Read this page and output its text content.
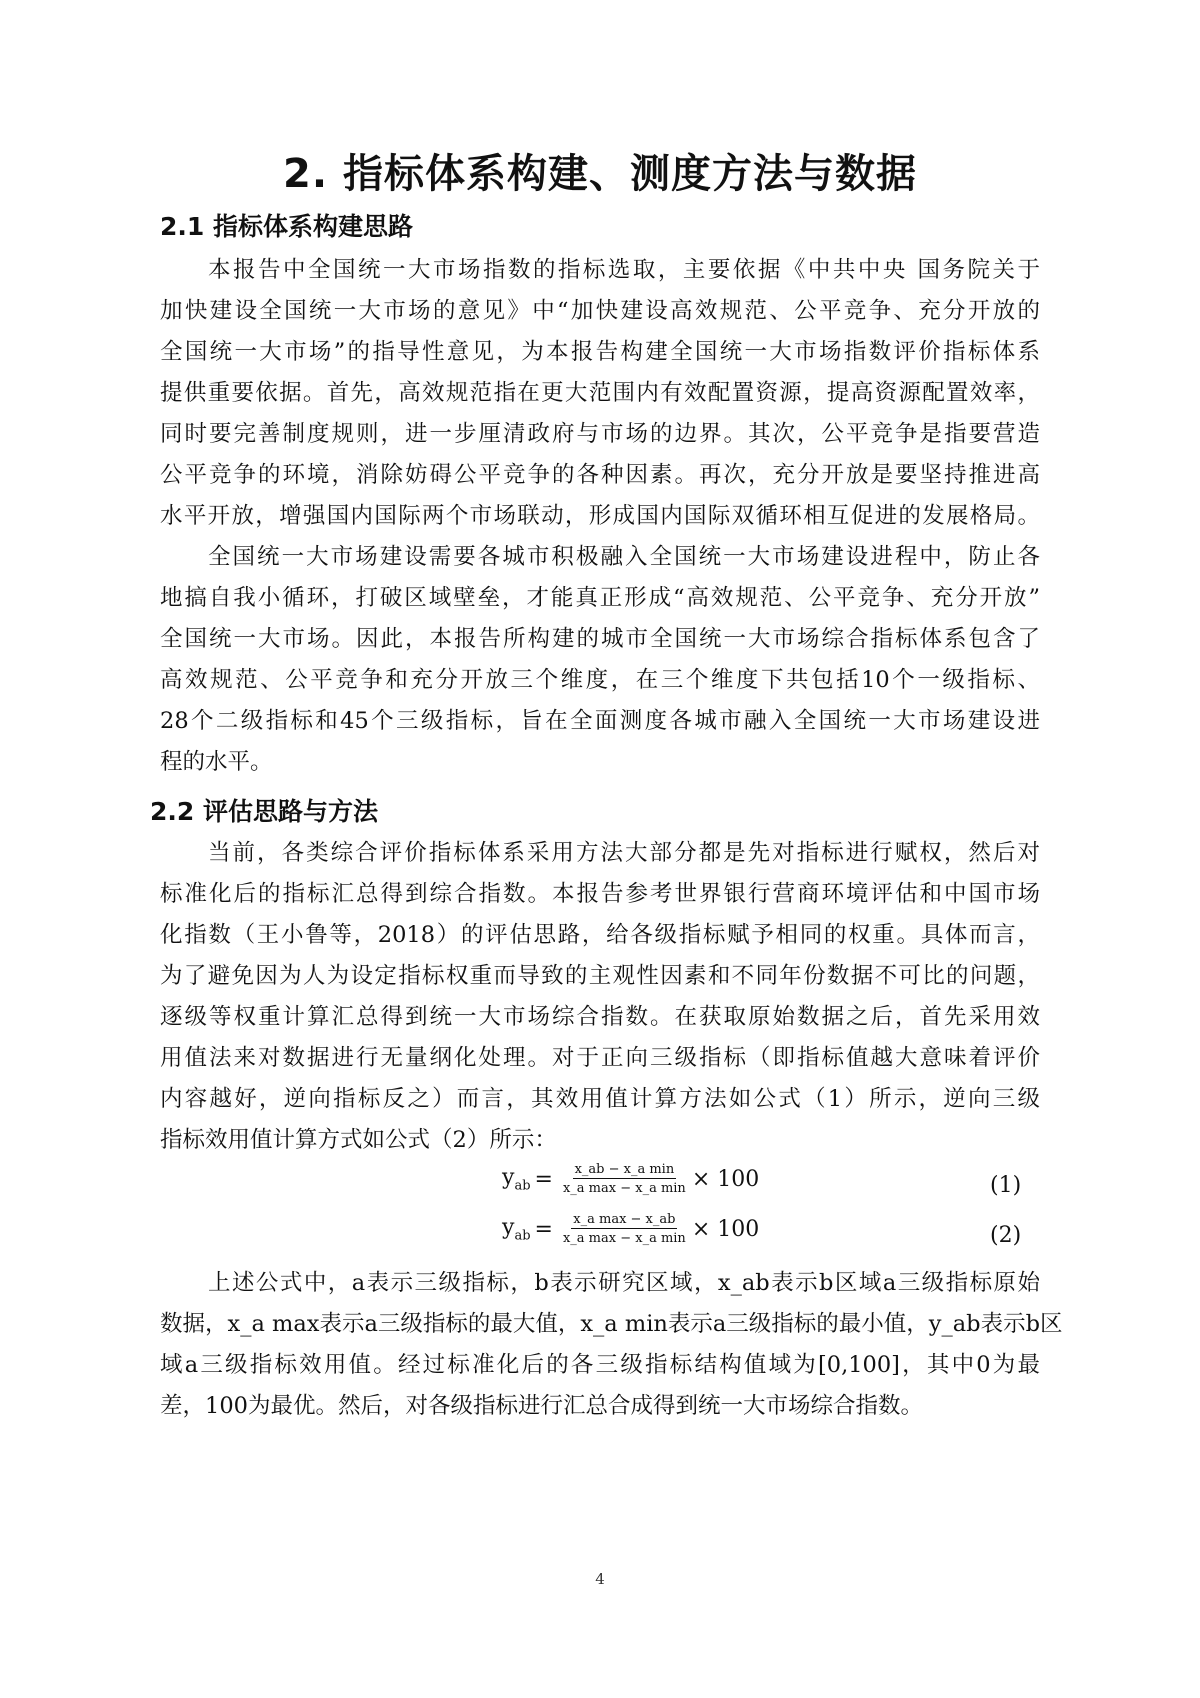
2. 指标体系构建、测度方法与数据
2.1 指标体系构建思路
本报告中全国统一大市场指数的指标选取，主要依据《中共中央 国务院关于
加快建设全国统一大市场的意见》中“加快建设高效规范、公平竞争、充分开放的
全国统一大市场”的指导性意见，为本报告构建全国统一大市场指数评价指标体系
提供重要依据。首先，高效规范指在更大范围内有效配置资源，提高资源配置效率，
同时要完善制度规则，进一步厘清政府与市场的边界。其次，公平竞争是指要营造
公平竞争的环境，消除妨碍公平竞争的各种因素。再次，充分开放是要坚持推进高
水平开放，增强国内国际两个市场联动，形成国内国际双循环相互促进的发展格局。
全国统一大市场建设需要各城市积极融入全国统一大市场建设进程中，防止各
地搞自我小循环，打破区域壁垒，才能真正形成“高效规范、公平竞争、充分开放”
全国统一大市场。因此，本报告所构建的城市全国统一大市场综合指标体系包含了
高效规范、公平竞争和充分开放三个维度，在三个维度下共包括10个一级指标、
28个二级指标和45个三级指标，旨在全面测度各城市融入全国统一大市场建设进
程的水平。
2.2 评估思路与方法
当前，各类综合评价指标体系采用方法大部分都是先对指标进行赋权，然后对
标准化后的指标汇总得到综合指数。本报告参考世界银行营商环境评估和中国市场
化指数（王小鲁等，2018）的评估思路，给各级指标赋予相同的权重。具体而言，
为了避免因为人为设定指标权重而导致的主观性因素和不同年份数据不可比的问题，
逐级等权重计算汇总得到统一大市场综合指数。在获取原始数据之后，首先采用效
用值法来对数据进行无量纲化处理。对于正向三级指标（即指标值越大意味着评价
内容越好，逆向指标反之）而言，其效用值计算方法如公式（1）所示，逆向三级
指标效用值计算方式如公式（2）所示：
$y_{ab} = \frac{\text{x\_ab − x\_a min}}{\text{x\_a max − x\_a min}} \times 100$	(1)
$y_{ab} = \frac{\text{x\_a max − x\_ab}}{\text{x\_a max − x\_a min}} \times 100$	(2)
上述公式中，a表示三级指标，b表示研究区域，x_ab表示b区域a三级指标原始
数据，x_a max表示a三级指标的最大值，x_a min表示a三级指标的最小值，y_ab表示b区
域a三级指标效用值。经过标准化后的各三级指标结构值域为[0,100]，其中0为最
差，100为最优。然后，对各级指标进行汇总合成得到统一大市场综合指数。
4
